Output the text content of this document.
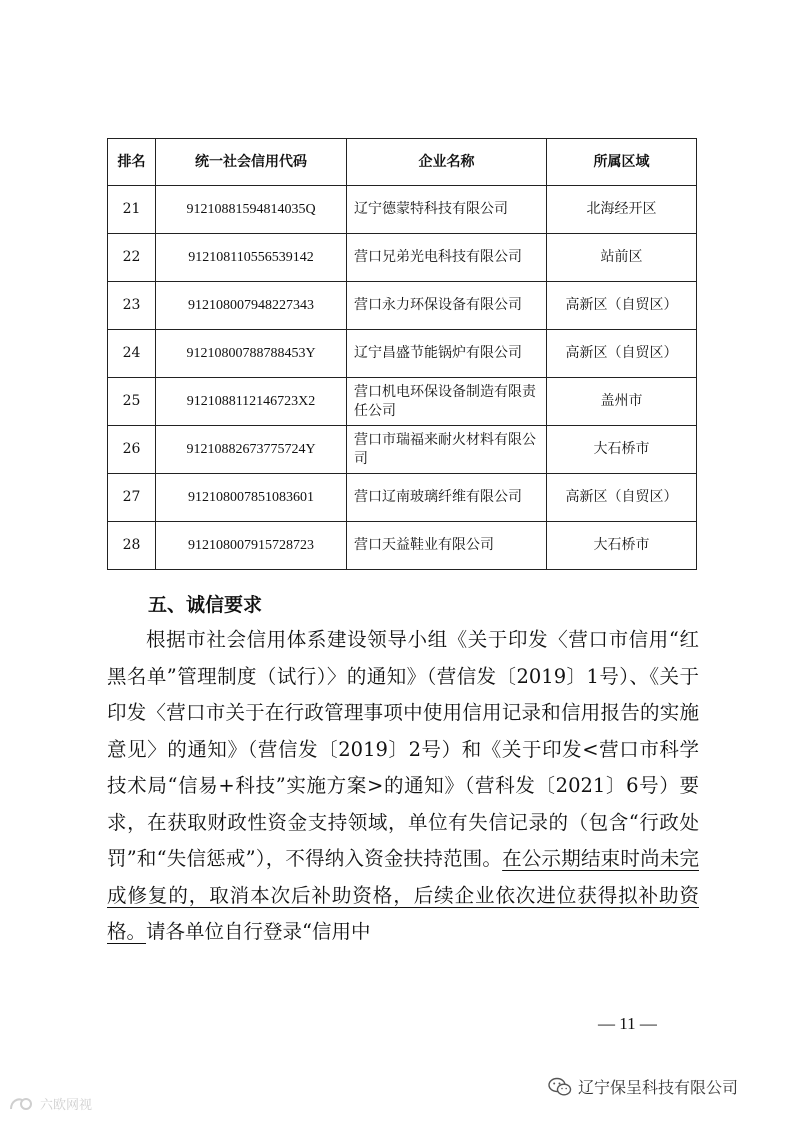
排名	统一社会信用代码	企业名称	所属区域
21	91210881594814035Q	辽宁德蒙特科技有限公司	北海经开区
22	912108110556539142	营口兄弟光电科技有限公司	站前区
23	912108007948227343	营口永力环保设备有限公司	高新区（自贸区）
24	91210800788788453Y	辽宁昌盛节能锅炉有限公司	高新区（自贸区）
25	9121088112146723X2	营口机电环保设备制造有限责任公司	盖州市
26	91210882673775724Y	营口市瑞福来耐火材料有限公司	大石桥市
27	912108007851083601	营口辽南玻璃纤维有限公司	高新区（自贸区）
28	912108007915728723	营口天益鞋业有限公司	大石桥市
五、诚信要求

根据市社会信用体系建设领导小组《关于印发〈营口市信用“红黑名单”管理制度（试行）〉的通知》（营信发〔2019〕1号）、《关于印发〈营口市关于在行政管理事项中使用信用记录和信用报告的实施意见〉的通知》（营信发〔2019〕2号）和《关于印发<营口市科学技术局“信易+科技”实施方案>的通知》（营科发〔2021〕6号）要求，在获取财政性资金支持领域，单位有失信记录的（包含“行政处罚”和“失信惩戒”），不得纳入资金扶持范围。在公示期结束时尚未完成修复的，取消本次后补助资格，后续企业依次进位获得拟补助资格。请各单位自行登录“信用中

— 11 —
辽宁保呈科技有限公司
六欧网视
